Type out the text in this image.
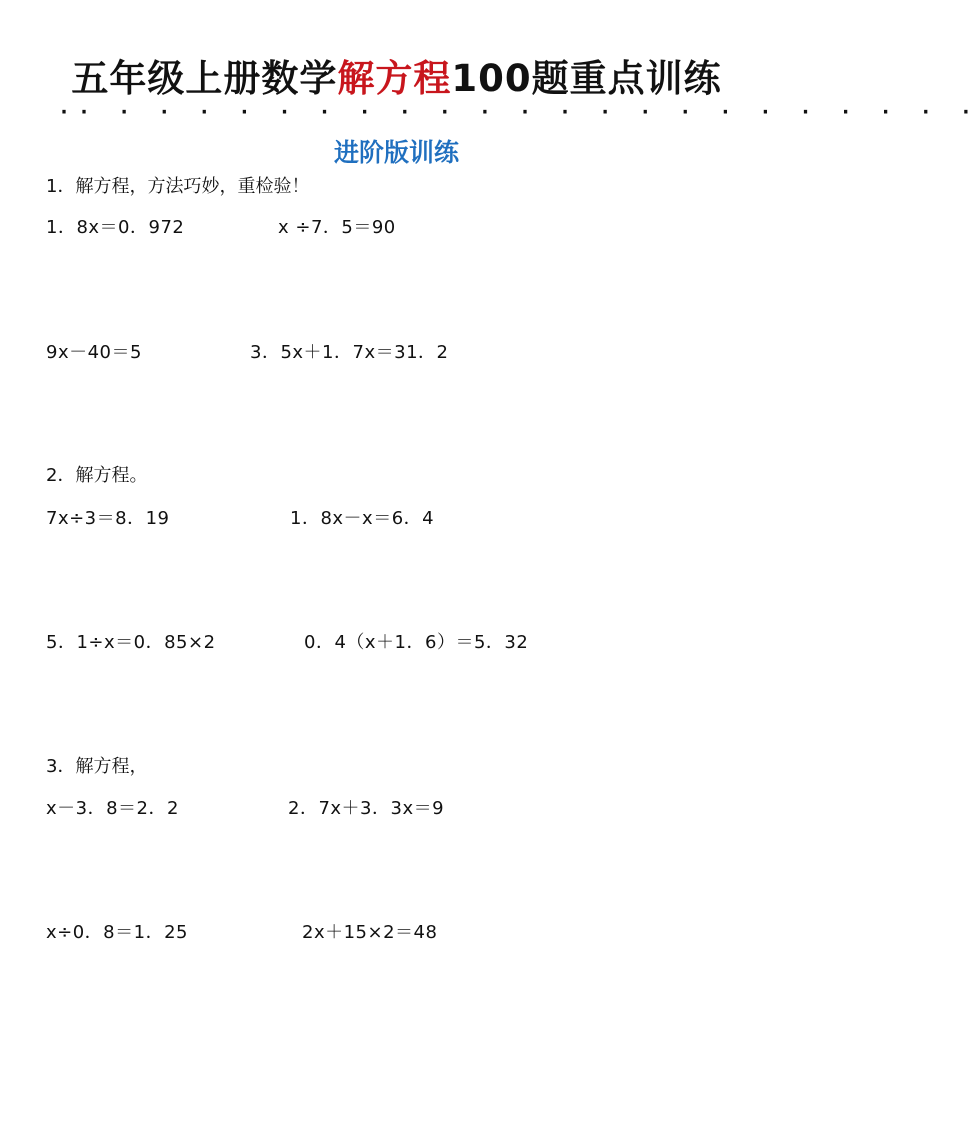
五年级上册数学解方程100题重点训练
·· · · · · · · · · · · · · · · · · · · · · · ·
进阶版训练
1．解方程，方法巧妙，重检验！
1．8x＝0．972	x ÷7．5＝90
9x－40＝5	3．5x＋1．7x＝31．2
2．解方程。
7x÷3＝8．19	1．8x－x＝6．4
5．1÷x＝0．85×2	0．4（x＋1．6）＝5．32
3．解方程，
x－3．8＝2．2	2．7x＋3．3x＝9
x÷0．8＝1．25	2x＋15×2＝48
